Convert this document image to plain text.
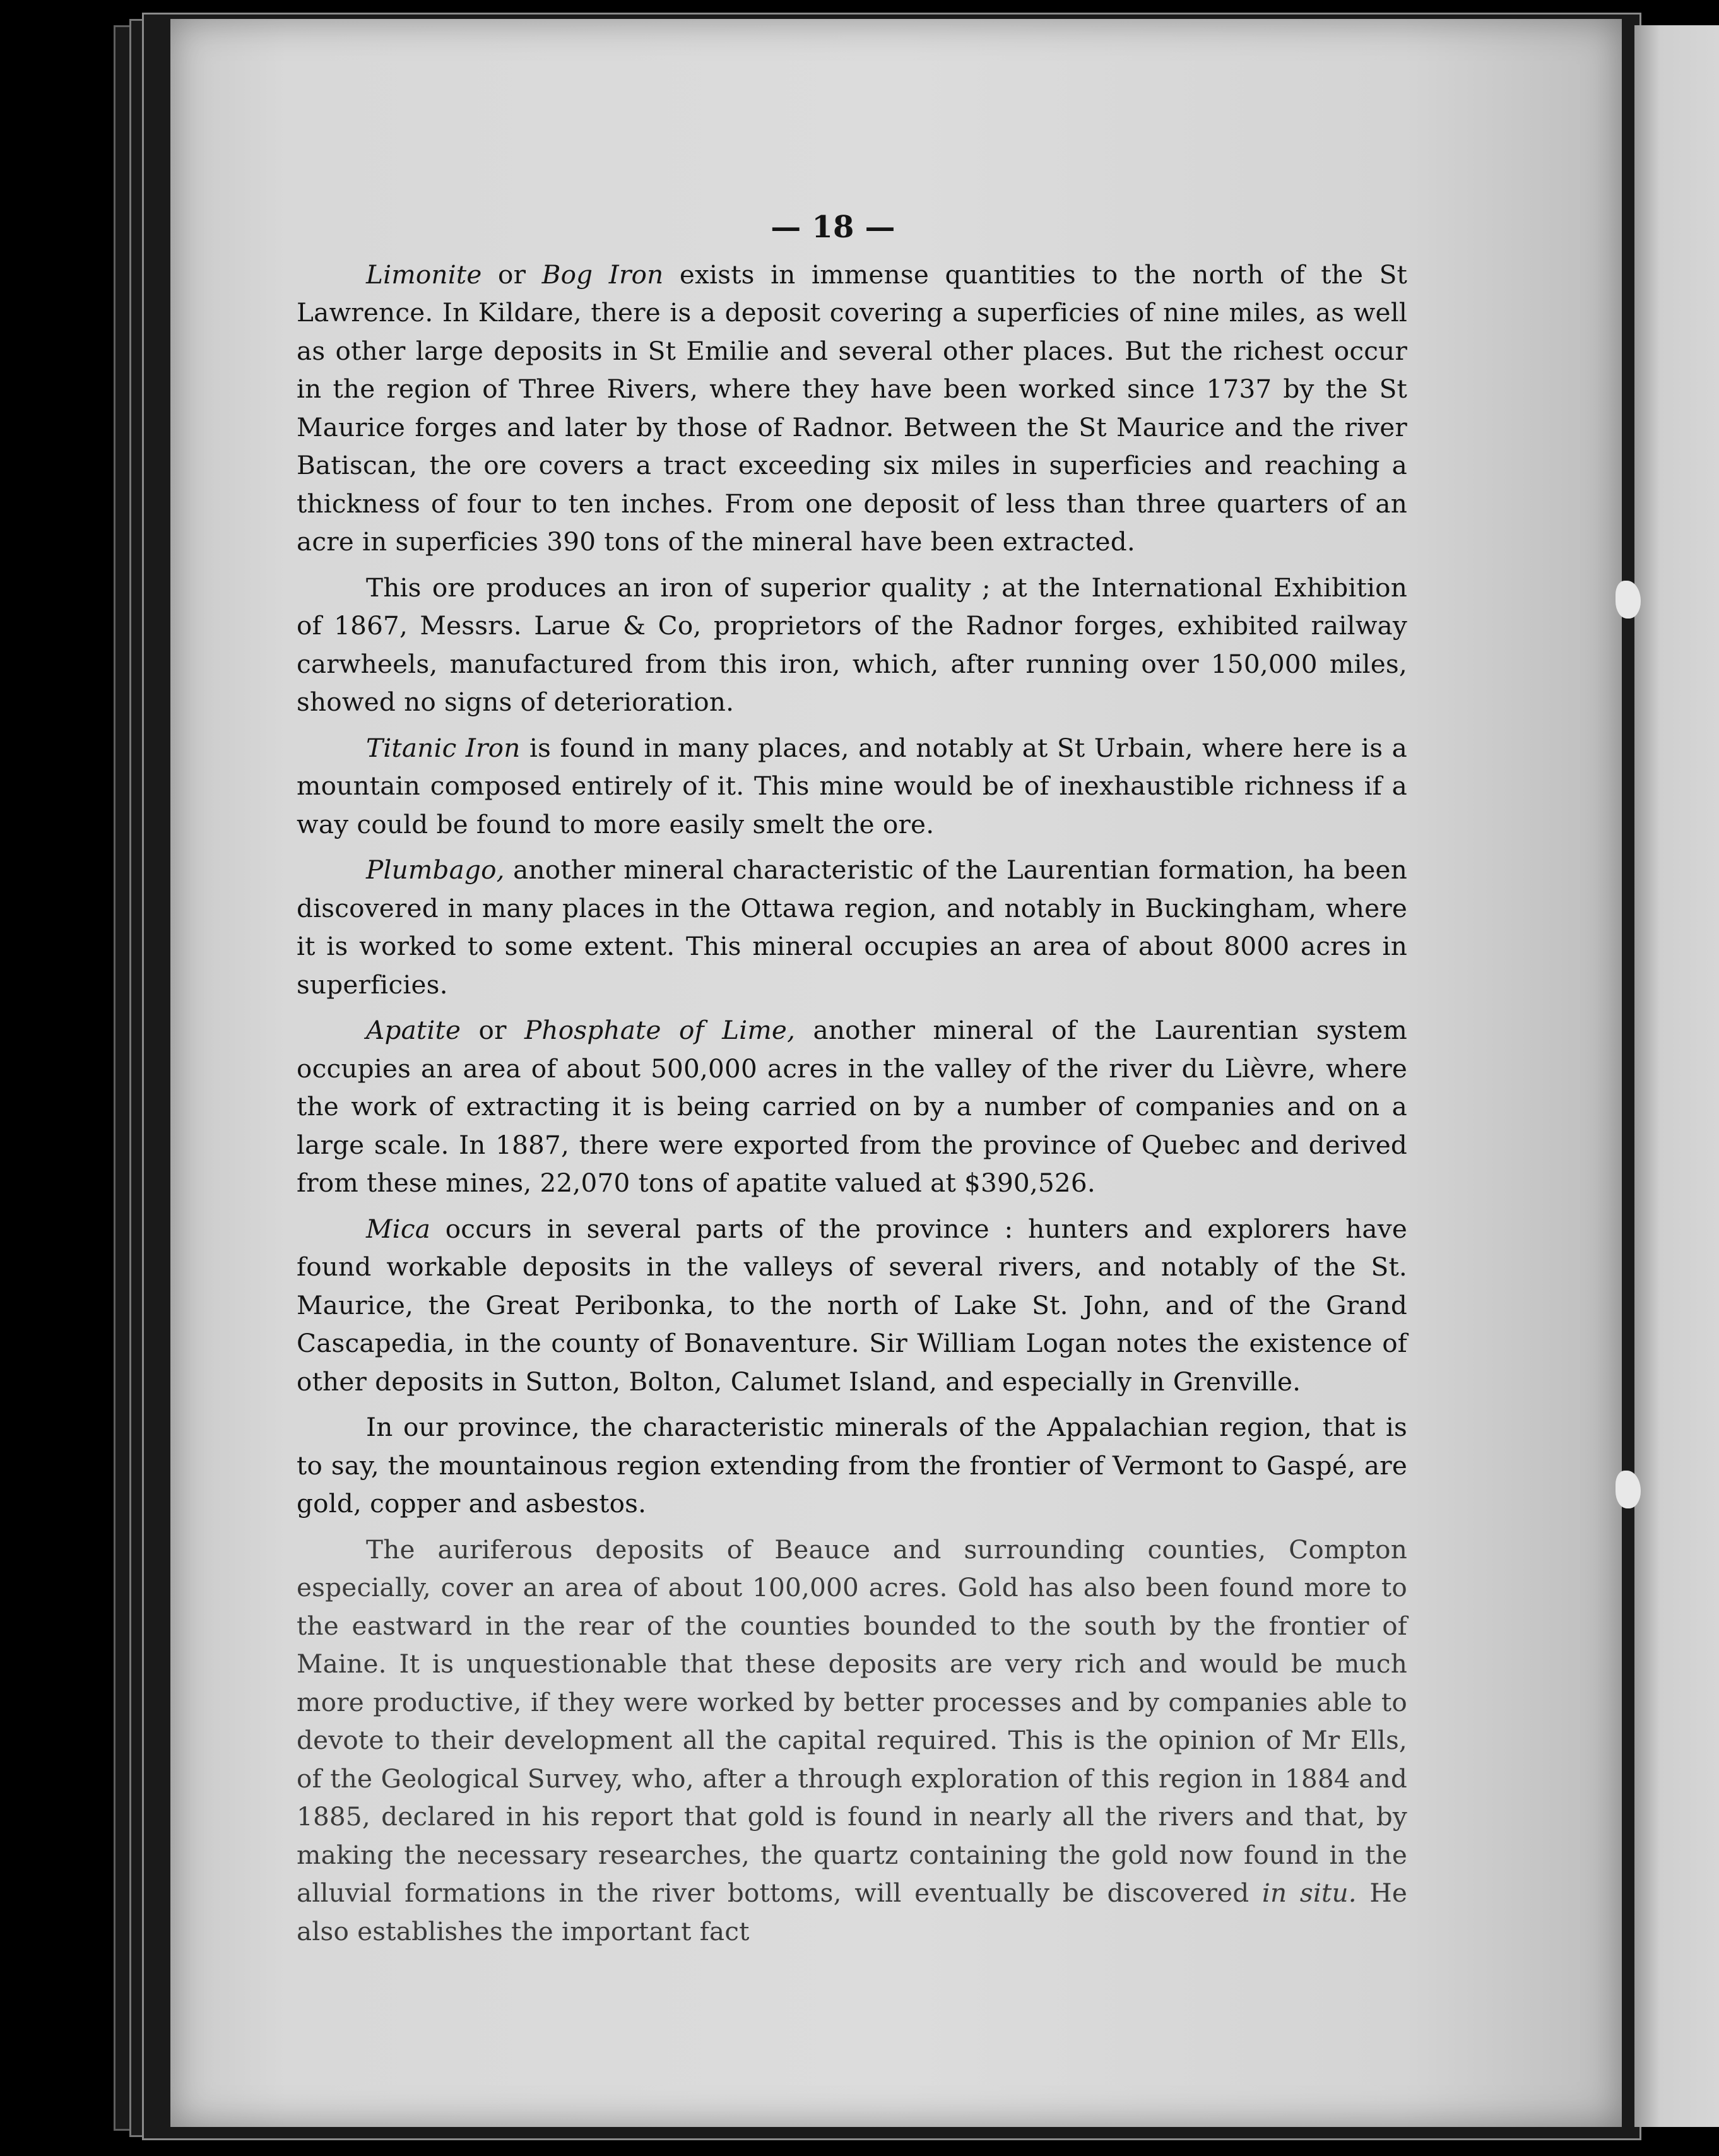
— 18 —

Limonite or Bog Iron exists in immense quantities to the north of the St Lawrence. In Kildare, there is a deposit covering a superficies of nine miles, as well as other large deposits in St Emilie and several other places. But the richest occur in the region of Three Rivers, where they have been worked since 1737 by the St Maurice forges and later by those of Radnor. Between the St Maurice and the river Batiscan, the ore covers a tract exceeding six miles in superficies and reaching a thickness of four to ten inches. From one deposit of less than three quarters of an acre in superficies 390 tons of the mineral have been extracted.

This ore produces an iron of superior quality ; at the International Exhibition of 1867, Messrs. Larue & Co, proprietors of the Radnor forges, exhibited railway carwheels, manufactured from this iron, which, after running over 150,000 miles, showed no signs of deterioration.

Titanic Iron is found in many places, and notably at St Urbain, where here is a mountain composed entirely of it. This mine would be of inexhaustible richness if a way could be found to more easily smelt the ore.

Plumbago, another mineral characteristic of the Laurentian formation, ha been discovered in many places in the Ottawa region, and notably in Buckingham, where it is worked to some extent. This mineral occupies an area of about 8000 acres in superficies.

Apatite or Phosphate of Lime, another mineral of the Laurentian system occupies an area of about 500,000 acres in the valley of the river du Lièvre, where the work of extracting it is being carried on by a number of companies and on a large scale. In 1887, there were exported from the province of Quebec and derived from these mines, 22,070 tons of apatite valued at $390,526.

Mica occurs in several parts of the province : hunters and explorers have found workable deposits in the valleys of several rivers, and notably of the St. Maurice, the Great Peribonka, to the north of Lake St. John, and of the Grand Cascapedia, in the county of Bonaventure. Sir William Logan notes the existence of other deposits in Sutton, Bolton, Calumet Island, and especially in Grenville.

In our province, the characteristic minerals of the Appalachian region, that is to say, the mountainous region extending from the frontier of Vermont to Gaspé, are gold, copper and asbestos.

The auriferous deposits of Beauce and surrounding counties, Compton especially, cover an area of about 100,000 acres. Gold has also been found more to the eastward in the rear of the counties bounded to the south by the frontier of Maine. It is unquestionable that these deposits are very rich and would be much more productive, if they were worked by better processes and by companies able to devote to their development all the capital required. This is the opinion of Mr Ells, of the Geological Survey, who, after a through exploration of this region in 1884 and 1885, declared in his report that gold is found in nearly all the rivers and that, by making the necessary researches, the quartz containing the gold now found in the alluvial formations in the river bottoms, will eventually be discovered in situ. He also establishes the important fact
